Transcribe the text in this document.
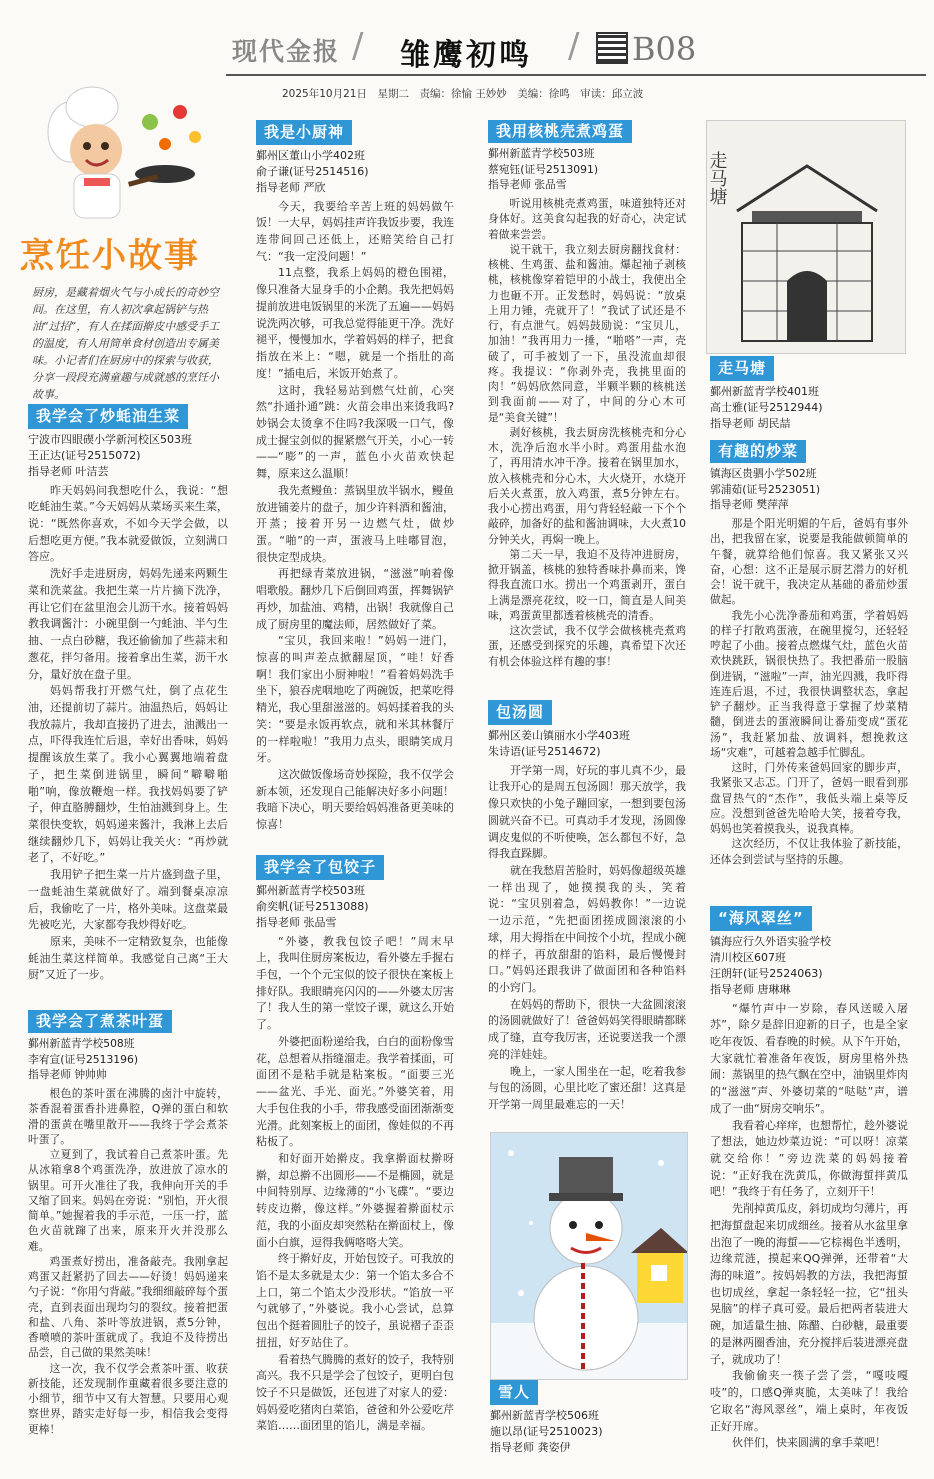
现代金报 / 雏鹰初鸣 / B08
2025年10月21日　星期二　责编：徐愉 王妙妙　美编：徐鸣　审读：邱立波
烹饪小故事
厨房，是藏着烟火气与小成长的奇妙空间。在这里，有人初次拿起锅铲与热油“过招”，有人在揉面擀皮中感受手工的温度，有人用简单食材创造出专属美味。小记者们在厨房中的探索与收获，分享一段段充满童趣与成就感的烹饪小故事。
我学会了炒蚝油生菜
宁波市四眼碶小学新河校区503班
王正达(证号2515072)
指导老师 叶洁芸

昨天妈妈问我想吃什么，我说：“想吃蚝油生菜。”今天妈妈从菜场买来生菜，说：“既然你喜欢，不如今天学会做，以后想吃更方便。”我本就爱做饭，立刻满口答应。

洗好手走进厨房，妈妈先递来两颗生菜和洗菜盆。我把生菜一片片摘下洗净，再让它们在盆里泡会儿沥干水。接着妈妈教我调酱汁：小碗里倒一勺蚝油、半勺生抽、一点白砂糖，我还偷偷加了些蒜末和葱花，拌匀备用。接着拿出生菜，沥干水分，量好放在盘子里。

妈妈帮我打开燃气灶，倒了点花生油，还提前切了蒜片。油温热后，妈妈让我放蒜片，我却直接扔了进去，油溅出一点，吓得我连忙后退，幸好出香味，妈妈提醒该放生菜了。我小心翼翼地端着盘子，把生菜倒进锅里，瞬间“噼噼啪啪”响，像放鞭炮一样。我找妈妈要了铲子，伸直胳膊翻炒，生怕油溅到身上。生菜很快变软，妈妈递来酱汁，我淋上去后继续翻炒几下，妈妈让我关火：“再炒就老了，不好吃。”

我用铲子把生菜一片片盛到盘子里，一盘蚝油生菜就做好了。端到餐桌凉凉后，我偷吃了一片，格外美味。这盘菜最先被吃光，大家都夸我炒得好吃。

原来，美味不一定精致复杂，也能像蚝油生菜这样简单。我感觉自己离“王大厨”又近了一步。

我学会了煮茶叶蛋
鄞州新蓝青学校508班
李宥宣(证号2513196)
指导老师 钟帅帅

根色的茶叶蛋在沸腾的卤汁中旋转，茶香混着蛋香扑进鼻腔，Q弹的蛋白和软滑的蛋黄在嘴里散开——我终于学会煮茶叶蛋了。

立夏到了，我试着自己煮茶叶蛋。先从冰箱拿8个鸡蛋洗净，放进放了凉水的锅里。可开火准往了我，我伸向开关的手又缩了回来。妈妈在旁说：“别怕，开火很简单。”她握着我的手示范，一压一拧，蓝色火苗就蹿了出来，原来开火并没那么难。

鸡蛋煮好捞出，准备敲壳。我刚拿起鸡蛋又赶紧扔了回去——好烫！妈妈递来勺子说：“你用勺背敲。”我细细敲碎每个蛋壳，直到表面出现均匀的裂纹。接着把蛋和盐、八角、茶叶等放进锅，煮5分钟，香喷喷的茶叶蛋就成了。我迫不及待捞出品尝，自己做的果然美味！

这一次，我不仅学会煮茶叶蛋、收获新技能，还发现制作重藏着很多要注意的小细节，细节中又有大智慧。只要用心观察世界，踏实走好每一步，相信我会变得更棒！

我是小厨神
鄞州区董山小学402班
俞子谦(证号2514516)
指导老师 严欣

今天，我要给辛苦上班的妈妈做午饭！一大早，妈妈挂声许我饭步要，我连连带间回己还低上，还赔笑给自己打气：“我一定没问题！”

11点整，我系上妈妈的橙色围裙，像只准备大显身手的小企鹅。我先把妈妈提前放进电饭锅里的米洗了五遍——妈妈说洗两次够，可我总觉得能更干净。洗好褪平，慢慢加水，学着妈妈的样子，把食指放在米上：“嗯，就是一个指肚的高度！”插电后，米饭开始煮了。

这时，我轻易站到燃气灶前，心突然“扑通扑通”跳：火苗会串出来烫我吗?妙锅会太烫拿不住吗?我深吸一口气，像成士握宝剑似的握紧燃气开关，小心一转——“嘭”的一声，蓝色小火苗欢快起舞，原来这么温顺！

我先煮鳗鱼：蒸锅里放半锅水，鳗鱼放进铺姜片的盘子，加少许料酒和酱油，开蒸；接着开另一边燃气灶，做炒蛋。“啪”的一声，蛋液马上哇嘟冒泡，很快定型成块。

再把绿青菜放进锅，“滋滋”响着像唱歌般。翻炒几下后倒回鸡蛋，挥舞锅铲再炒，加盐油、鸡精，出锅！我就像自己成了厨房里的魔法师，居然做好了菜。

“宝贝，我回来啦！”妈妈一进门，惊喜的叫声差点掀翻屋顶，“哇！好香啊！我们家出小厨神啦！”看着妈妈洗手坐下，狼吞虎咽地吃了两碗饭，把菜吃得精光，我心里甜滋滋的。妈妈揉着我的头笑：“要是永饭再软点，就和米其林餐厅的一样啦啦！”我用力点头，眼睛笑成月牙。

这次做饭像场奇妙探险，我不仅学会新本领，还发现自己能解决好多小问题！我暗下决心，明天要给妈妈准备更美味的惊喜！

我学会了包饺子
鄞州新蓝青学校503班
俞奕帆(证号2513088)
指导老师 张品雪

“外婆，教我包饺子吧！”周末早上，我叫住厨房案板边，看外婆左手握右手包，一个个元宝似的饺子很快在案板上排好队。我眼睛亮闪闪的——外婆太厉害了！我人生的第一堂饺子课，就这么开始了。

外婆把面粉递给我，白白的面粉像雪花，总想着从指缝溜走。我学着揉面，可面团不是粘手就是粘案板。“面要三光——盆光、手光、面光。”外婆笑着，用大手包住我的小手，带我感受面团渐渐变光滑。此刻案板上的面团，像娃似的不再粘板了。

和好面开始擀皮。我拿擀面杖擀呀擀，却总擀不出圆形——不是椭圆，就是中间特别厚、边缘薄的“小飞碟”。“要边转皮边擀，像这样。”外婆握着擀面杖示范，我的小面皮却突然粘在擀面杖上，像面小白旗，逗得我俩咯咯大笑。

终于擀好皮，开始包饺子。可我放的馅不是太多就是太少：第一个馅太多合不上口，第二个馅太少没形状。“馅放一平勺就够了，”外婆说。我小心尝试，总算包出个挺着圆肚子的饺子，虽说褶子歪歪扭扭，好歹站住了。

看着热气腾腾的煮好的饺子，我特别高兴。我不只是学会了包饺子，更明白包饺子不只是做饭，还包进了对家人的爱：妈妈爱吃猪肉白菜馅，爸爸和外公爱吃芹菜馅……面团里的馅儿，满是幸福。

我用核桃壳煮鸡蛋
鄞州新蓝青学校503班
蔡宛钰(证号2513091)
指导老师 张品雪

听说用核桃壳煮鸡蛋，味道独特还对身体好。这美食勾起我的好奇心，决定试着做来尝尝。

说干就干，我立刻去厨房翻找食材：核桃、生鸡蛋、盐和酱油。爆起袖子剥核桃，核桃像穿着铠甲的小战士，我使出全力也砸不开。正发愁时，妈妈说：“放桌上用力锤，壳就开了！”我试了试还是不行，有点泄气。妈妈鼓励说：“宝贝儿，加油！”我再用力一捶，“啪嗒”一声，壳破了，可手被划了一下，虽没流血却很疼。我提议：“你剥外壳，我挑里面的肉！”妈妈欣然同意，半颗半颗的核桃送到我面前——对了，中间的分心木可是“美食关键”！

剥好核桃，我去厨房洗核桃壳和分心木，洗净后泡水半小时。鸡蛋用盐水泡了，再用清水冲干净。接着在锅里加水，放入核桃壳和分心木，大火烧开，水烧开后关火煮蛋，放入鸡蛋，煮5分钟左右。我小心捞出鸡蛋，用勺背轻轻敲一下个个敲碎，加备好的盐和酱油调味，大火煮10分钟关火，再焖一晚上。

第二天一早，我迫不及待冲进厨房，掀开锅盖，核桃的独特香味扑鼻而来，馋得我直流口水。捞出一个鸡蛋剥开，蛋白上满是漂亮花纹，咬一口，简直是人间美味，鸡蛋黄里都透着核桃壳的清香。

这次尝试，我不仅学会做核桃壳煮鸡蛋，还感受到探究的乐趣，真希望下次还有机会体验这样有趣的事！

包汤圆
鄞州区姜山镇丽水小学403班
朱诗语(证号2514672)

开学第一周，好玩的事儿真不少，最让我开心的是周五包汤圆！那天放学，我像只欢快的小兔子蹦回家，一想到要包汤圆就兴奋不已。可真动手才发现，汤圆像调皮鬼似的不听使唤，怎么都包不好，急得我直跺脚。

就在我愁眉苦脸时，妈妈像超级英雄一样出现了，她摸摸我的头，笑着说：“宝贝别着急，妈妈教你！”一边说一边示范，“先把面团搓成圆滚滚的小球，用大拇指在中间按个小坑，捏成小碗的样子，再放甜甜的馅料，最后慢慢封口。”妈妈还跟我讲了做面团和各种馅料的小窍门。

在妈妈的帮助下，很快一大盆圆滚滚的汤圆就做好了！爸爸妈妈笑得眼睛都眯成了缝，直夸我厉害，还说要送我一个漂亮的洋娃娃。

晚上，一家人围坐在一起，吃着我参与包的汤圆，心里比吃了蜜还甜！这真是开学第一周里最难忘的一天！

雪人
鄞州新蓝青学校506班
施以昂(证号2510023)
指导老师 龚姿伊
走马塘
走马塘
鄞州新蓝青学校401班
高士雅(证号2512944)
指导老师 胡民喆
有趣的炒菜
镇海区贵驷小学502班
郭浦茹(证号2523051)
指导老师 樊萍萍

那是个阳光明媚的午后，爸妈有事外出，把我留在家，说要是我能做顿简单的午餐，就算给他们惊喜。我又紧张又兴奋，心想：这不正是展示厨艺潜力的好机会！说干就干，我决定从基础的番茄炒蛋做起。

我先小心洗净番茄和鸡蛋，学着妈妈的样子打散鸡蛋液，在碗里搅匀，还轻轻哼起了小曲。接着点燃煤气灶，蓝色火苗欢快跳跃，锅很快热了。我把番茄一股脑倒进锅，“滋啦”一声，油光四溅，我吓得连连后退，不过，我很快调整状态，拿起铲子翻炒。正当我得意于掌握了炒菜精髓，倒进去的蛋液瞬间让番茄变成“蛋花汤”，我赶紧加盐、放调料，想挽救这场“灾难”，可越着急越手忙脚乱。

这时，门外传来爸妈回家的脚步声，我紧张又忐忑。门开了，爸妈一眼看到那盘冒热气的“杰作”，我低头端上桌等反应。没想到爸爸先哈哈大笑，接着夸我，妈妈也笑着摸我头，说我真棒。

这次经历，不仅让我体验了新技能，还体会到尝试与坚持的乐趣。

“海风翠丝”
镇海应行久外语实验学校
清川校区607班
汪朗轩(证号2524063)
指导老师 唐琳琳

“爆竹声中一岁除，春风送暖入屠苏”，除夕是辞旧迎新的日子，也是全家吃年夜饭、看春晚的时候。从下午开始，大家就忙着准备年夜饭，厨房里格外热闹：蒸锅里的热气飘在空中，油锅里炸肉的“滋滋”声、外婆切菜的“哒哒”声，谱成了一曲“厨房交响乐”。

我看着心痒痒，也想帮忙，趁外婆说了想法，她边炒菜边说：“可以呀！凉菜就交给你！”旁边洗菜的妈妈接着说：“正好我在洗黄瓜，你做海蜇拌黄瓜吧！”我终于有任务了，立刻开干！

先削掉黄瓜皮，斜切成均匀薄片，再把海蜇盘起来切成细丝。接着从水盆里拿出泡了一晚的海蜇——它棕褐色半透明，边缘荒涟，摸起来QQ弹弹，还带着“大海的味道”。按妈妈教的方法，我把海蜇也切成丝，拿起一条轻轻一拉，它“扭头晃脑”的样子真可爱。最后把两者装进大碗，加适量生抽、陈醋、白砂糖，最重要的是淋两圈香油，充分搅拌后装进漂亮盘子，就成功了！

我偷偷夹一筷子尝了尝，“嘎吱嘎吱”的，口感Q弹爽脆，太美味了！我给它取名“海风翠丝”，端上桌时，年夜饭正好开席。

伙伴们，快来圆满的拿手菜吧！
